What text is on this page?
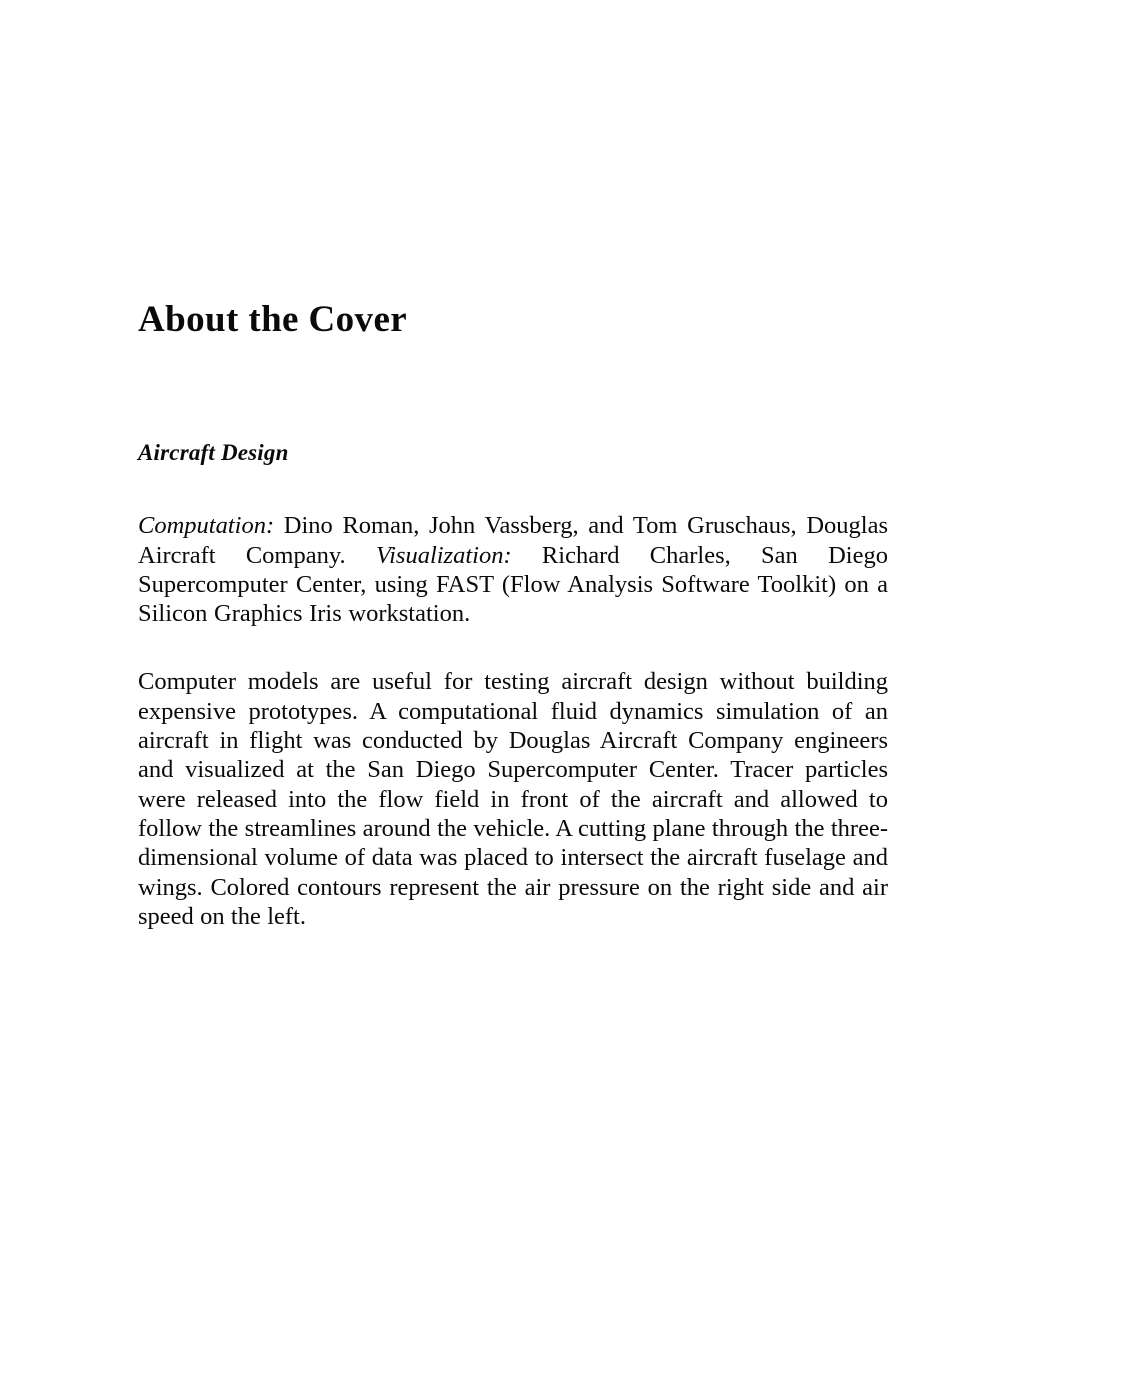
About the Cover
Aircraft Design

Computation: Dino Roman, John Vassberg, and Tom Gruschaus, Douglas Aircraft Company. Visualization: Richard Charles, San Diego Supercomputer Center, using FAST (Flow Analysis Software Toolkit) on a Silicon Graphics Iris workstation.

Computer models are useful for testing aircraft design without building expensive prototypes. A computational fluid dynamics simulation of an aircraft in flight was conducted by Douglas Aircraft Company engineers and visualized at the San Diego Supercomputer Center. Tracer particles were released into the flow field in front of the aircraft and allowed to follow the streamlines around the vehicle. A cutting plane through the three-dimensional volume of data was placed to intersect the aircraft fuselage and wings. Colored contours represent the air pressure on the right side and air speed on the left.
